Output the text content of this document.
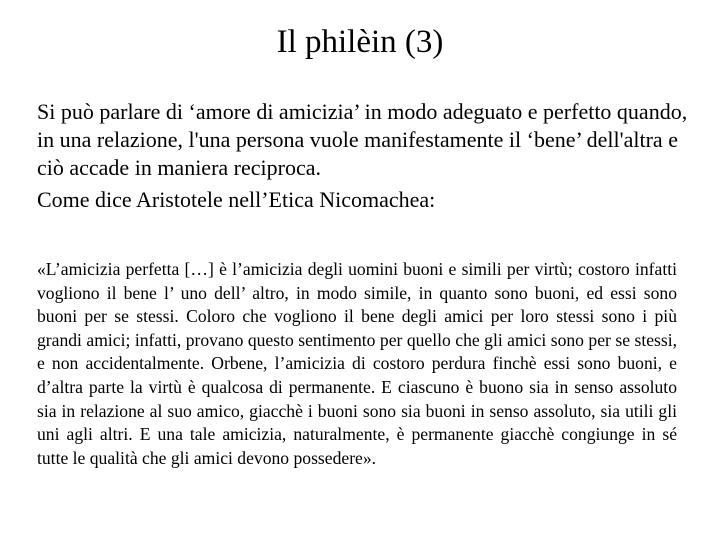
Il philèin (3)

Si può parlare di ‘amore di amicizia’ in modo adeguato e perfetto quando, in una relazione, l'una persona vuole manifestamente il ‘bene’ dell'altra e ciò accade in maniera reciproca.

Come dice Aristotele nell’Etica Nicomachea:

«L’amicizia perfetta […] è l’amicizia degli uomini buoni e simili per virtù; costoro infatti vogliono il bene l’ uno dell’ altro, in modo simile, in quanto sono buoni, ed essi sono buoni per se stessi. Coloro che vogliono il bene degli amici per loro stessi sono i più grandi amici; infatti, provano questo sentimento per quello che gli amici sono per se stessi, e non accidentalmente. Orbene, l’amicizia di costoro perdura finchè essi sono buoni, e d’altra parte la virtù è qualcosa di permanente. E ciascuno è buono sia in senso assoluto sia in relazione al suo amico, giacchè i buoni sono sia buoni in senso assoluto, sia utili gli uni agli altri. E una tale amicizia, naturalmente, è permanente giacchè congiunge in sé tutte le qualità che gli amici devono possedere».
